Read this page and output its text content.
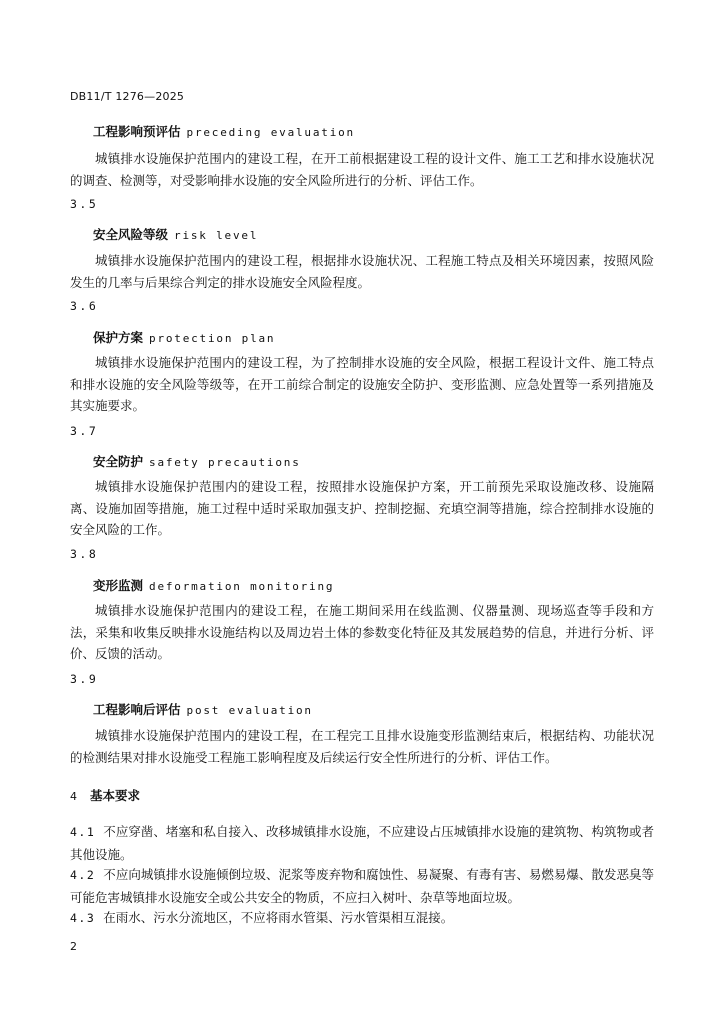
DB11/T 1276—2025
工程影响预评估 preceding evaluation
城镇排水设施保护范围内的建设工程，在开工前根据建设工程的设计文件、施工工艺和排水设施状况的调查、检测等，对受影响排水设施的安全风险所进行的分析、评估工作。
3.5
安全风险等级 risk level
城镇排水设施保护范围内的建设工程，根据排水设施状况、工程施工特点及相关环境因素，按照风险发生的几率与后果综合判定的排水设施安全风险程度。
3.6
保护方案 protection plan
城镇排水设施保护范围内的建设工程，为了控制排水设施的安全风险，根据工程设计文件、施工特点和排水设施的安全风险等级等，在开工前综合制定的设施安全防护、变形监测、应急处置等一系列措施及其实施要求。
3.7
安全防护 safety precautions
城镇排水设施保护范围内的建设工程，按照排水设施保护方案，开工前预先采取设施改移、设施隔离、设施加固等措施，施工过程中适时采取加强支护、控制挖掘、充填空洞等措施，综合控制排水设施的安全风险的工作。
3.8
变形监测 deformation monitoring
城镇排水设施保护范围内的建设工程，在施工期间采用在线监测、仪器量测、现场巡查等手段和方法，采集和收集反映排水设施结构以及周边岩土体的参数变化特征及其发展趋势的信息，并进行分析、评价、反馈的活动。
3.9
工程影响后评估 post evaluation
城镇排水设施保护范围内的建设工程，在工程完工且排水设施变形监测结束后，根据结构、功能状况的检测结果对排水设施受工程施工影响程度及后续运行安全性所进行的分析、评估工作。
4 基本要求
4.1 不应穿凿、堵塞和私自接入、改移城镇排水设施，不应建设占压城镇排水设施的建筑物、构筑物或者其他设施。
4.2 不应向城镇排水设施倾倒垃圾、泥浆等废弃物和腐蚀性、易凝聚、有毒有害、易燃易爆、散发恶臭等可能危害城镇排水设施安全或公共安全的物质，不应扫入树叶、杂草等地面垃圾。
4.3 在雨水、污水分流地区，不应将雨水管渠、污水管渠相互混接。
2
